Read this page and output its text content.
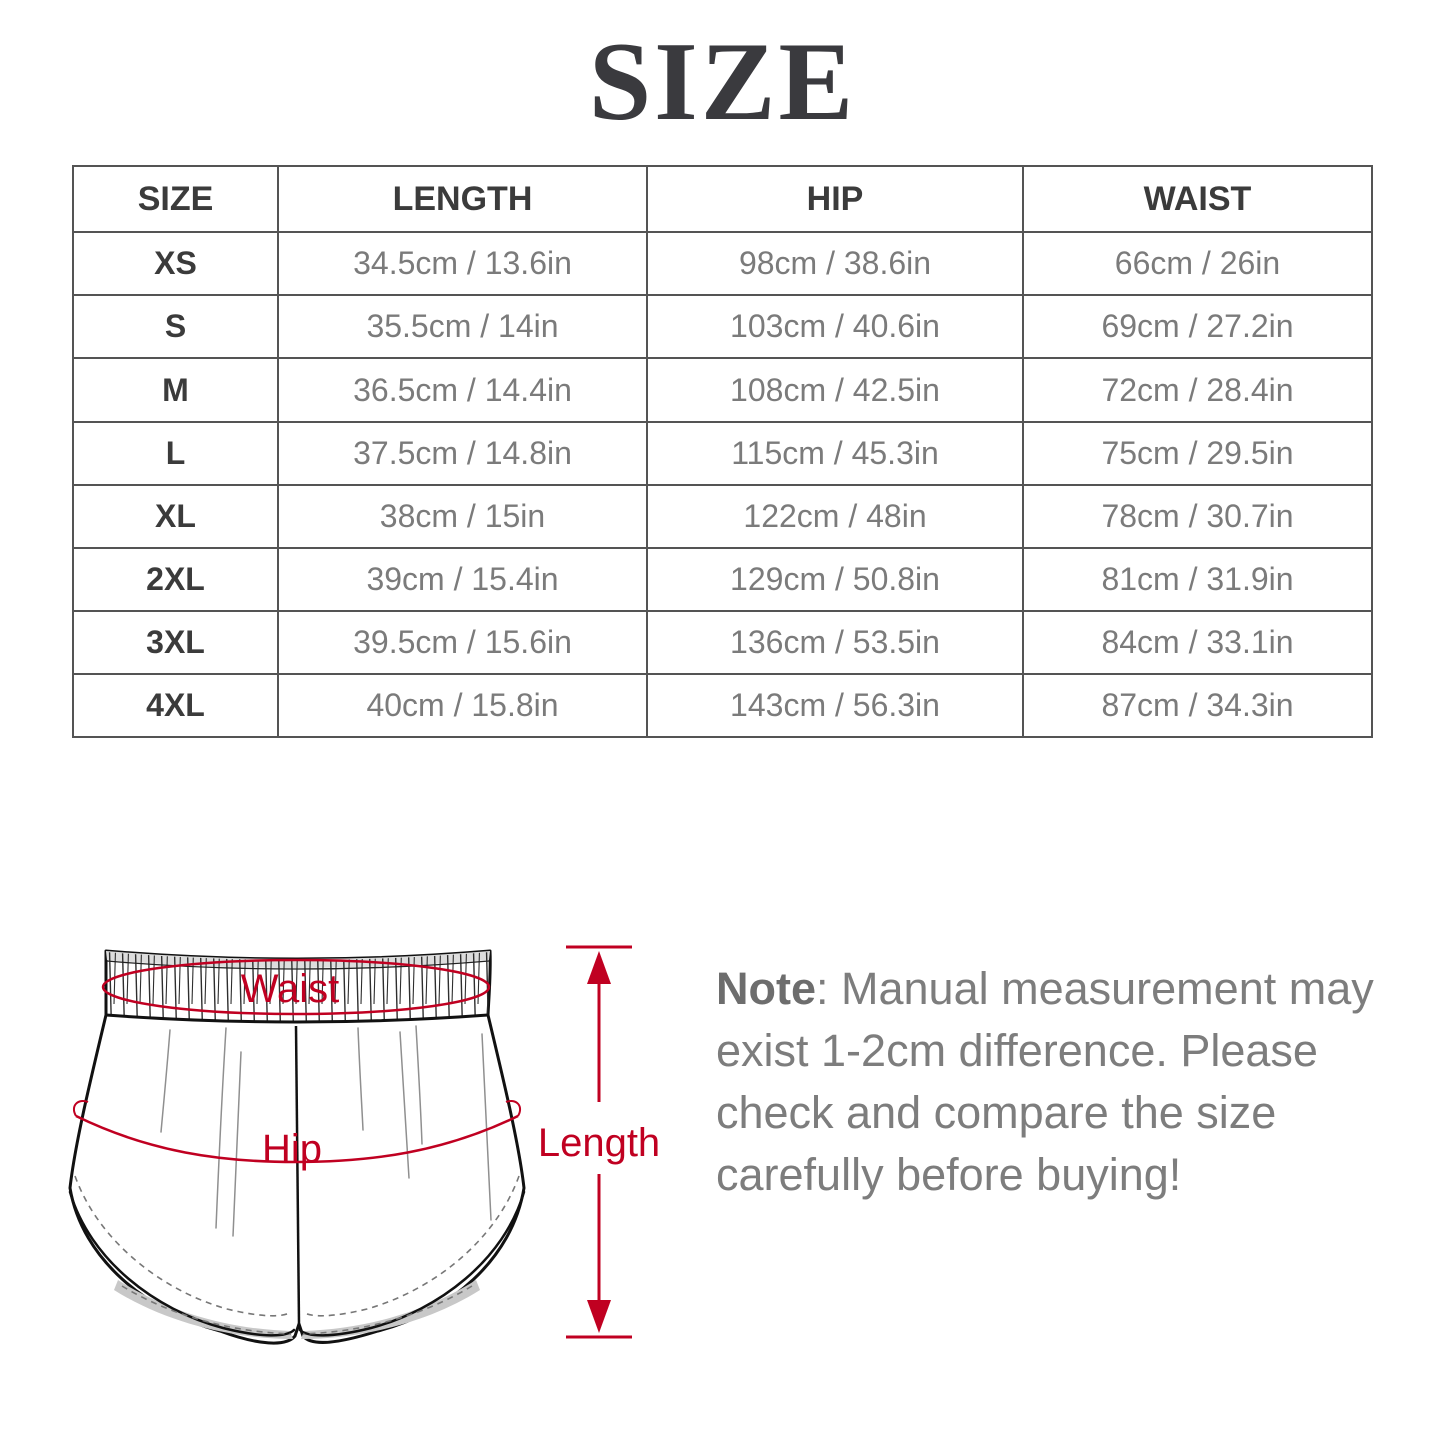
SIZE
SIZE	LENGTH	HIP	WAIST
XS	34.5cm / 13.6in	98cm / 38.6in	66cm / 26in
S	35.5cm / 14in	103cm / 40.6in	69cm / 27.2in
M	36.5cm / 14.4in	108cm / 42.5in	72cm / 28.4in
L	37.5cm / 14.8in	115cm / 45.3in	75cm / 29.5in
XL	38cm / 15in	122cm / 48in	78cm / 30.7in
2XL	39cm / 15.4in	129cm / 50.8in	81cm / 31.9in
3XL	39.5cm / 15.6in	136cm / 53.5in	84cm / 33.1in
4XL	40cm / 15.8in	143cm / 56.3in	87cm / 34.3in
Waist
Hip	Length
Note: Manual measurement may exist 1-2cm difference. Please check and compare the size carefully before buying!
